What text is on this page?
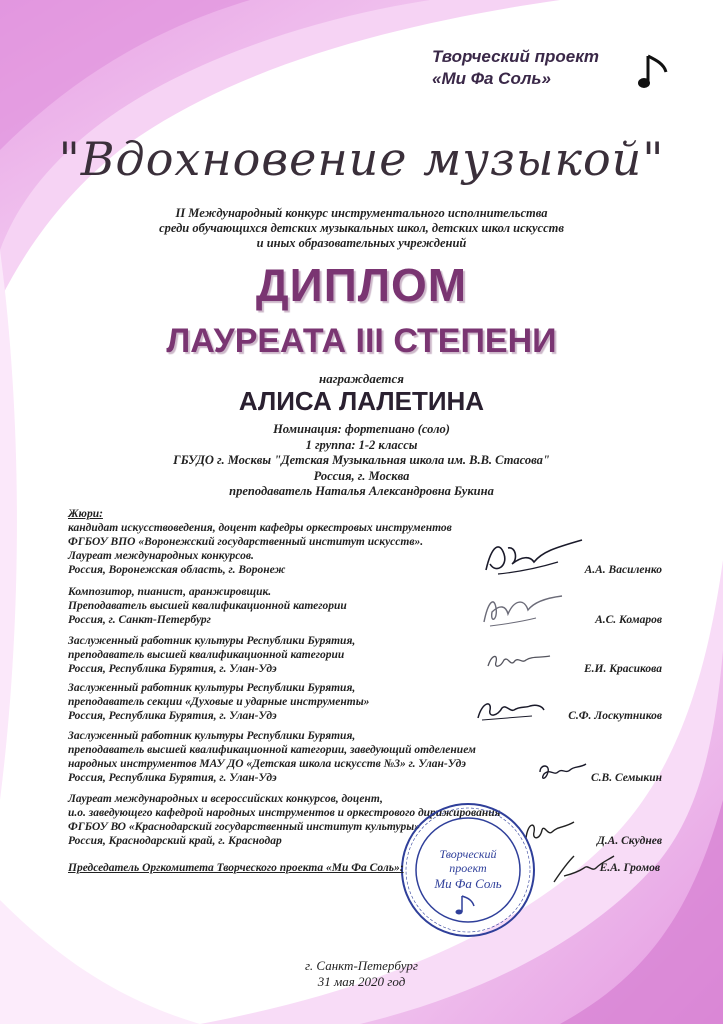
Творческий проект
«Ми Фа Соль»
"Вдохновение музыкой"
II Международный конкурс инструментального исполнительства
среди обучающихся детских музыкальных школ, детских школ искусств
и иных образовательных учреждений
ДИПЛОМ
ЛАУРЕАТА III СТЕПЕНИ
награждается
АЛИСА ЛАЛЕТИНА
Номинация: фортепиано (соло)
1 группа: 1-2 классы
ГБУДО г. Москвы "Детская Музыкальная школа им. В.В. Стасова"
Россия, г. Москва
преподаватель Наталья Александровна Букина
Жюри:
кандидат искусствоведения, доцент кафедры оркестровых инструментов
ФГБОУ ВПО «Воронежский государственный институт искусств».
Лауреат международных конкурсов.
Россия, Воронежская область, г. Воронеж	А.А. Василенко
Композитор, пианист, аранжировщик.
Преподаватель высшей квалификационной категории
Россия, г. Санкт-Петербург	А.С. Комаров
Заслуженный работник культуры Республики Бурятия,
преподаватель высшей квалификационной категории
Россия, Республика Бурятия, г. Улан-Удэ	Е.И. Красикова
Заслуженный работник культуры Республики Бурятия,
преподаватель секции «Духовые и ударные инструменты»
Россия, Республика Бурятия, г. Улан-Удэ	С.Ф. Лоскутников
Заслуженный работник культуры Республики Бурятия,
преподаватель высшей квалификационной категории, заведующий отделением
народных инструментов МАУ ДО «Детская школа искусств №3» г. Улан-Удэ
Россия, Республика Бурятия, г. Улан-Удэ	С.В. Семыкин
Лауреат международных и всероссийских конкурсов, доцент,
и.о. заведующего кафедрой народных инструментов и оркестрового дирижирования
ФГБОУ ВО «Краснодарский государственный институт культуры»
Россия, Краснодарский край, г. Краснодар	Д.А. Скуднев
Творческий
проект
Ми Фа Соль
Председатель Оргкомитета Творческого проекта «Ми Фа Соль»:	Е.А. Громов
г. Санкт-Петербург
31 мая 2020 год
